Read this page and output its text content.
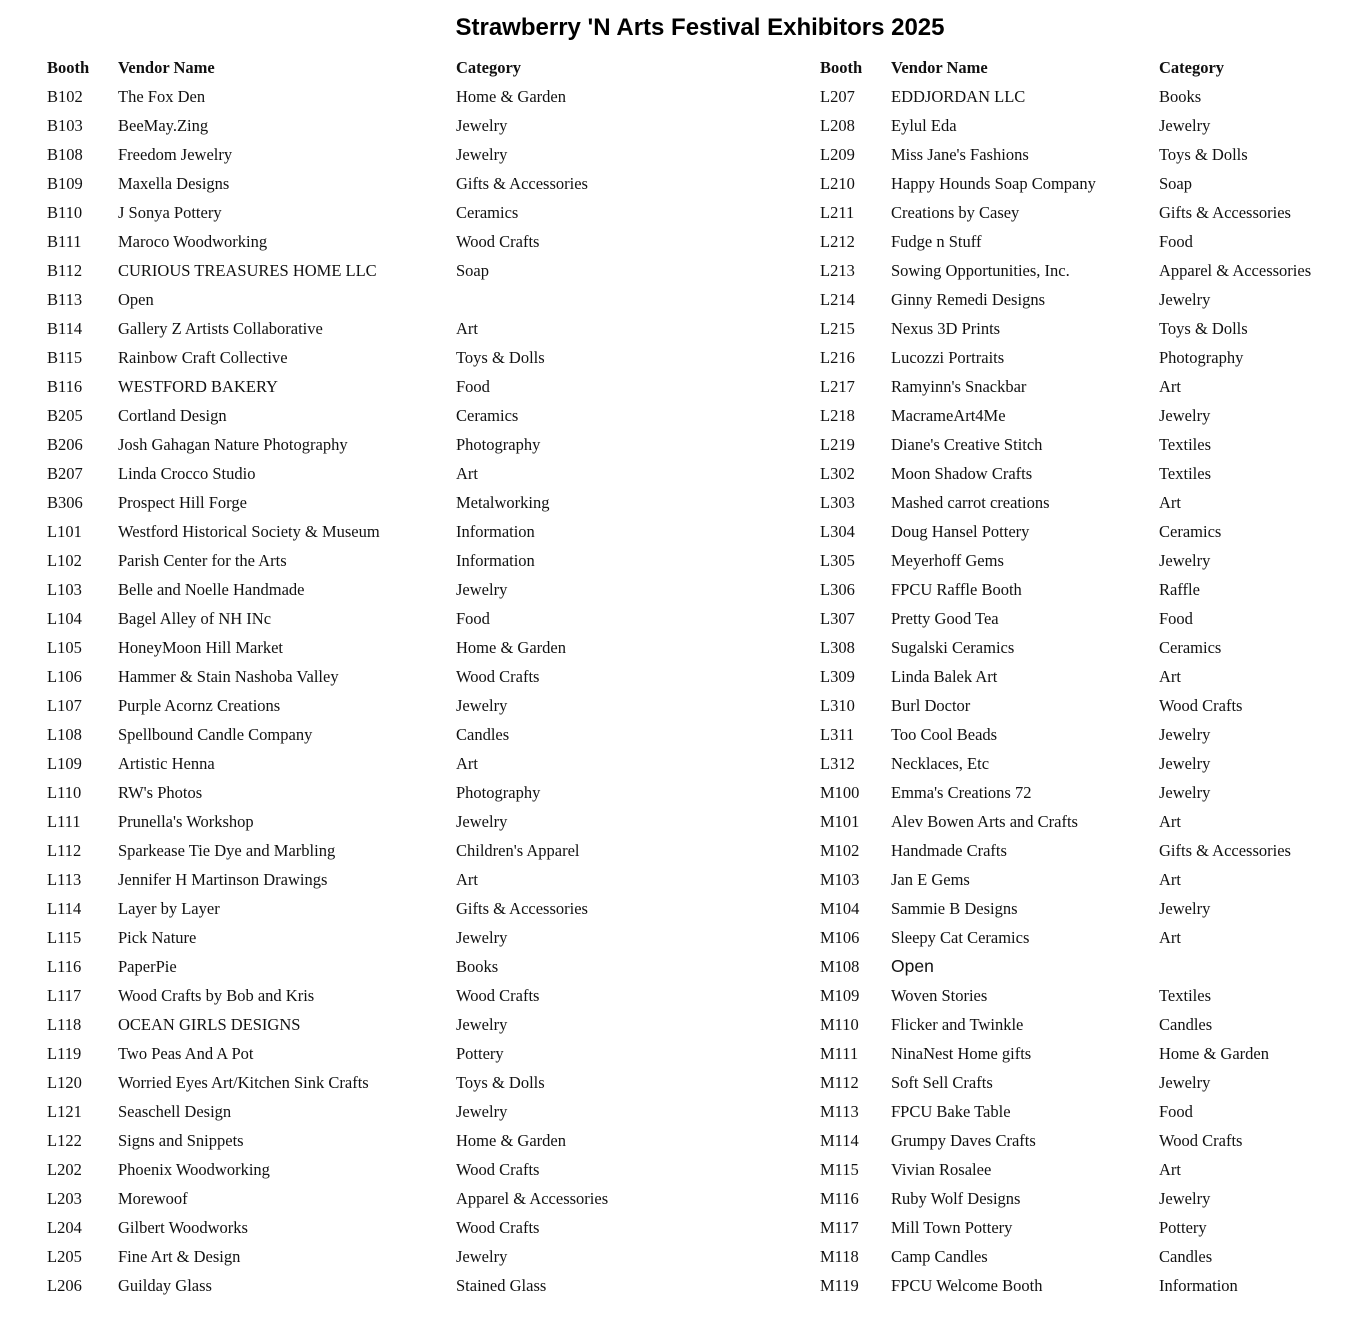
Strawberry 'N Arts Festival Exhibitors 2025
Booth	Vendor Name	Category
B102	The Fox Den	Home & Garden
B103	BeeMay.Zing	Jewelry
B108	Freedom Jewelry	Jewelry
B109	Maxella Designs	Gifts & Accessories
B110	J Sonya Pottery	Ceramics
B111	Maroco Woodworking	Wood Crafts
B112	CURIOUS TREASURES HOME LLC	Soap
B113	Open	
B114	Gallery Z Artists Collaborative	Art
B115	Rainbow Craft Collective	Toys & Dolls
B116	WESTFORD BAKERY	Food
B205	Cortland Design	Ceramics
B206	Josh Gahagan Nature Photography	Photography
B207	Linda Crocco Studio	Art
B306	Prospect Hill Forge	Metalworking
L101	Westford Historical Society & Museum	Information
L102	Parish Center for the Arts	Information
L103	Belle and Noelle Handmade	Jewelry
L104	Bagel Alley of NH INc	Food
L105	HoneyMoon Hill Market	Home & Garden
L106	Hammer & Stain Nashoba Valley	Wood Crafts
L107	Purple Acornz Creations	Jewelry
L108	Spellbound Candle Company	Candles
L109	Artistic Henna	Art
L110	RW's Photos	Photography
L111	Prunella's Workshop	Jewelry
L112	Sparkease Tie Dye and Marbling	Children's Apparel
L113	Jennifer H Martinson Drawings	Art
L114	Layer by Layer	Gifts & Accessories
L115	Pick Nature	Jewelry
L116	PaperPie	Books
L117	Wood Crafts by Bob and Kris	Wood Crafts
L118	OCEAN GIRLS DESIGNS	Jewelry
L119	Two Peas And A Pot	Pottery
L120	Worried Eyes Art/Kitchen Sink Crafts	Toys & Dolls
L121	Seaschell Design	Jewelry
L122	Signs and Snippets	Home & Garden
L202	Phoenix Woodworking	Wood Crafts
L203	Morewoof	Apparel & Accessories
L204	Gilbert Woodworks	Wood Crafts
L205	Fine Art & Design	Jewelry
L206	Guilday Glass	Stained Glass
Booth	Vendor Name	Category
L207	EDDJORDAN LLC	Books
L208	Eylul Eda	Jewelry
L209	Miss Jane's Fashions	Toys & Dolls
L210	Happy Hounds Soap Company	Soap
L211	Creations by Casey	Gifts & Accessories
L212	Fudge n Stuff	Food
L213	Sowing Opportunities, Inc.	Apparel & Accessories
L214	Ginny Remedi Designs	Jewelry
L215	Nexus 3D Prints	Toys & Dolls
L216	Lucozzi Portraits	Photography
L217	Ramyinn's Snackbar	Art
L218	MacrameArt4Me	Jewelry
L219	Diane's Creative Stitch	Textiles
L302	Moon Shadow Crafts	Textiles
L303	Mashed carrot creations	Art
L304	Doug Hansel Pottery	Ceramics
L305	Meyerhoff Gems	Jewelry
L306	FPCU Raffle Booth	Raffle
L307	Pretty Good Tea	Food
L308	Sugalski Ceramics	Ceramics
L309	Linda Balek Art	Art
L310	Burl Doctor	Wood Crafts
L311	Too Cool Beads	Jewelry
L312	Necklaces, Etc	Jewelry
M100	Emma's Creations 72	Jewelry
M101	Alev Bowen Arts and Crafts	Art
M102	Handmade Crafts	Gifts & Accessories
M103	Jan E Gems	Art
M104	Sammie B Designs	Jewelry
M106	Sleepy Cat Ceramics	Art
M108	Open	
M109	Woven Stories	Textiles
M110	Flicker and Twinkle	Candles
M111	NinaNest Home gifts	Home & Garden
M112	Soft Sell Crafts	Jewelry
M113	FPCU Bake Table	Food
M114	Grumpy Daves Crafts	Wood Crafts
M115	Vivian Rosalee	Art
M116	Ruby Wolf Designs	Jewelry
M117	Mill Town Pottery	Pottery
M118	Camp Candles	Candles
M119	FPCU Welcome Booth	Information
